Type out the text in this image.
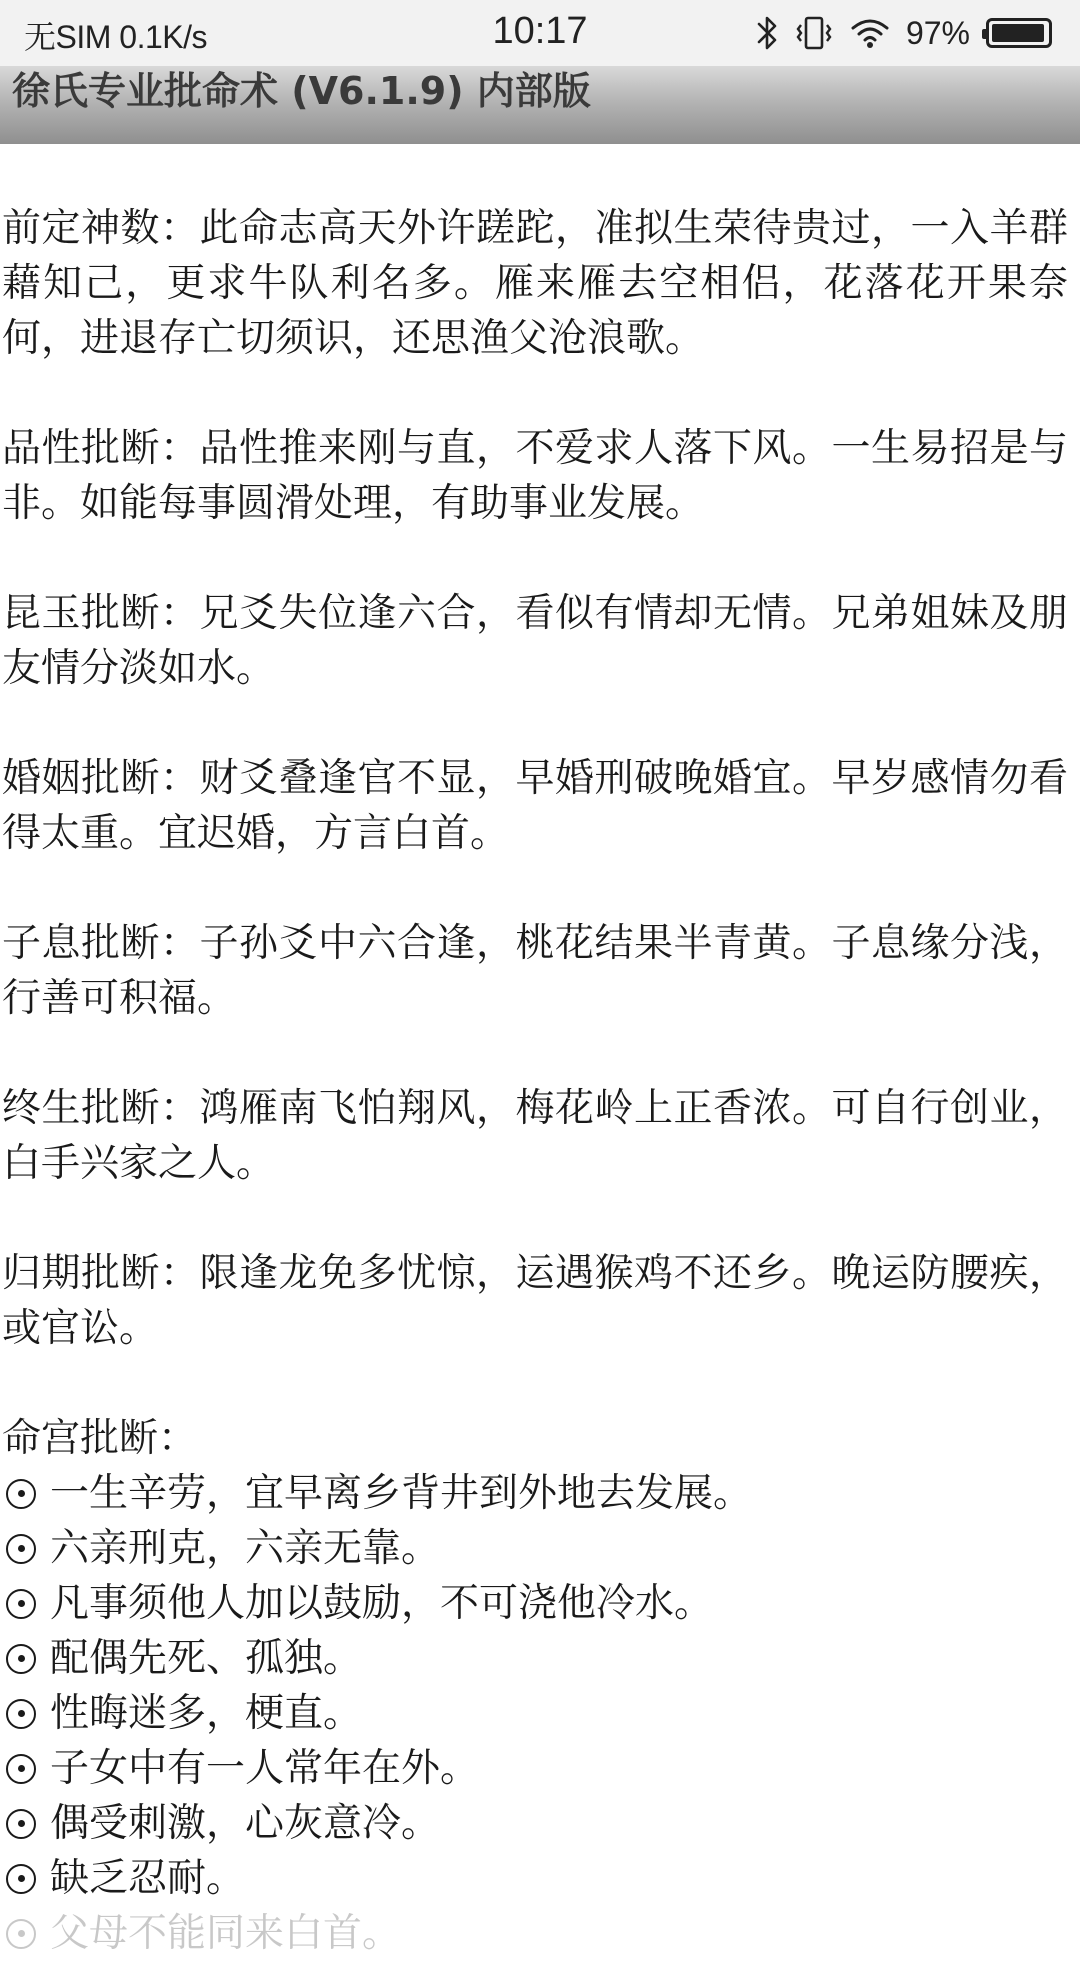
无SIM 0.1K/s	10:17	97%
徐氏专业批命术 (V6.1.9) 内部版

前定神数：此命志高天外许蹉跎，准拟生荣待贵过，一入羊群藉知己，更求牛队利名多。雁来雁去空相侣，花落花开果奈何，进退存亡切须识，还思渔父沧浪歌。

品性批断：品性推来刚与直，不爱求人落下风。一生易招是与非。如能每事圆滑处理，有助事业发展。

昆玉批断：兄爻失位逢六合，看似有情却无情。兄弟姐妹及朋友情分淡如水。

婚姻批断：财爻叠逢官不显，早婚刑破晚婚宜。早岁感情勿看得太重。宜迟婚，方言白首。

子息批断：子孙爻中六合逢，桃花结果半青黄。子息缘分浅，行善可积福。

终生批断：鸿雁南飞怕翔风，梅花岭上正香浓。可自行创业，白手兴家之人。

归期批断：限逢龙免多忧惊，运遇猴鸡不还乡。晚运防腰疾，或官讼。

命宫批断：

一生辛劳，宜早离乡背井到外地去发展。
六亲刑克，六亲无靠。
凡事须他人加以鼓励，不可浇他冷水。
配偶先死、孤独。
性晦迷多，梗直。
子女中有一人常年在外。
偶受刺激，心灰意冷。
缺乏忍耐。
父母不能同来白首。
